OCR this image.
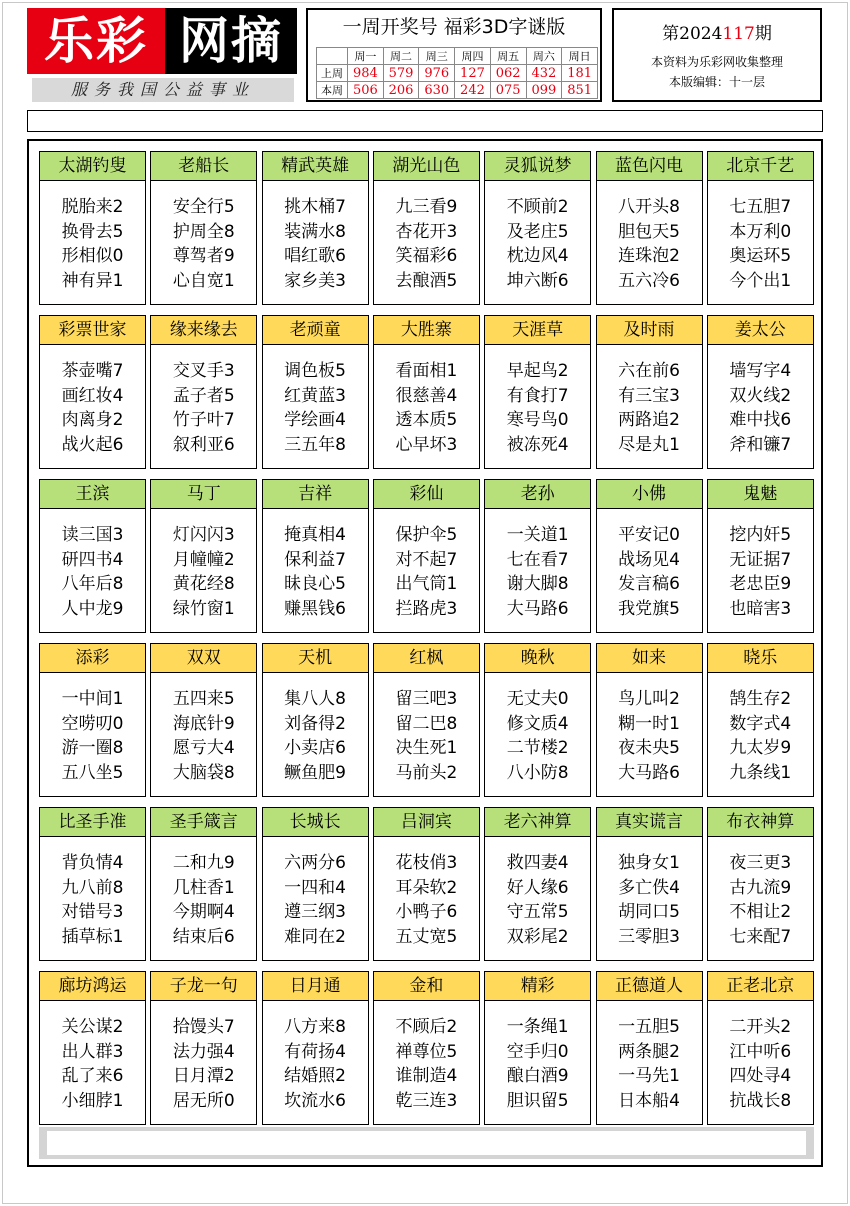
乐彩 网摘
服务我国公益事业
一周开奖号 福彩3D字谜版
	周一	周二	周三	周四	周五	周六	周日
上周	984	579	976	127	062	432	181
本周	506	206	630	242	075	099	851
第2024117期
本资料为乐彩网收集整理
本版编辑：十一层
太湖钓叟
脱胎来2
换骨去5
形相似0
神有异1
老船长
安全行5
护周全8
尊驾者9
心自宽1
精武英雄
挑木桶7
装满水8
唱红歌6
家乡美3
湖光山色
九三看9
杏花开3
笑福彩6
去酿酒5
灵狐说梦
不顾前2
及老庄5
枕边风4
坤六断6
蓝色闪电
八开头8
胆包天5
连珠泡2
五六冷6
北京千艺
七五胆7
本万利0
奥运环5
今个出1
彩票世家
茶壶嘴7
画红妆4
肉离身2
战火起6
缘来缘去
交叉手3
孟子者5
竹子叶7
叙利亚6
老顽童
调色板5
红黄蓝3
学绘画4
三五年8
大胜寨
看面相1
很慈善4
透本质5
心早坏3
天涯草
早起鸟2
有食打7
寒号鸟0
被冻死4
及时雨
六在前6
有三宝3
两路追2
尽是丸1
姜太公
墙写字4
双火线2
难中找6
斧和镰7
王滨
读三国3
研四书4
八年后8
人中龙9
马丁
灯闪闪3
月幢幢2
黄花经8
绿竹窗1
吉祥
掩真相4
保利益7
昧良心5
赚黑钱6
彩仙
保护伞5
对不起7
出气筒1
拦路虎3
老孙
一关道1
七在看7
谢大脚8
大马路6
小佛
平安记0
战场见4
发言稿6
我党旗5
鬼魅
挖内奸5
无证据7
老忠臣9
也暗害3
添彩
一中间1
空唠叨0
游一圈8
五八坐5
双双
五四来5
海底针9
愿亏大4
大脑袋8
天机
集八人8
刘备得2
小卖店6
鳜鱼肥9
红枫
留三吧3
留二巴8
决生死1
马前头2
晚秋
无丈夫0
修文质4
二节楼2
八小防8
如来
鸟儿叫2
糊一时1
夜未央5
大马路6
晓乐
鹄生存2
数字式4
九太岁9
九条线1
比圣手准
背负情4
九八前8
对错号3
插草标1
圣手箴言
二和九9
几柱香1
今期啊4
结束后6
长城长
六两分6
一四和4
遵三纲3
难同在2
吕洞宾
花枝俏3
耳朵软2
小鸭子6
五丈宽5
老六神算
救四妻4
好人缘6
守五常5
双彩尾2
真实谎言
独身女1
多亡佚4
胡同口5
三零胆3
布衣神算
夜三更3
古九流9
不相让2
七来配7
廊坊鸿运
关公谋2
出人群3
乱了来6
小细脖1
子龙一句
拾馒头7
法力强4
日月潭2
居无所0
日月通
八方来8
有荷扬4
结婚照2
坎流水6
金和
不顾后2
禅尊位5
谁制造4
乾三连3
精彩
一条绳1
空手归0
酿白酒9
胆识留5
正德道人
一五胆5
两条腿2
一马先1
日本船4
正老北京
二开头2
江中听6
四处寻4
抗战长8
